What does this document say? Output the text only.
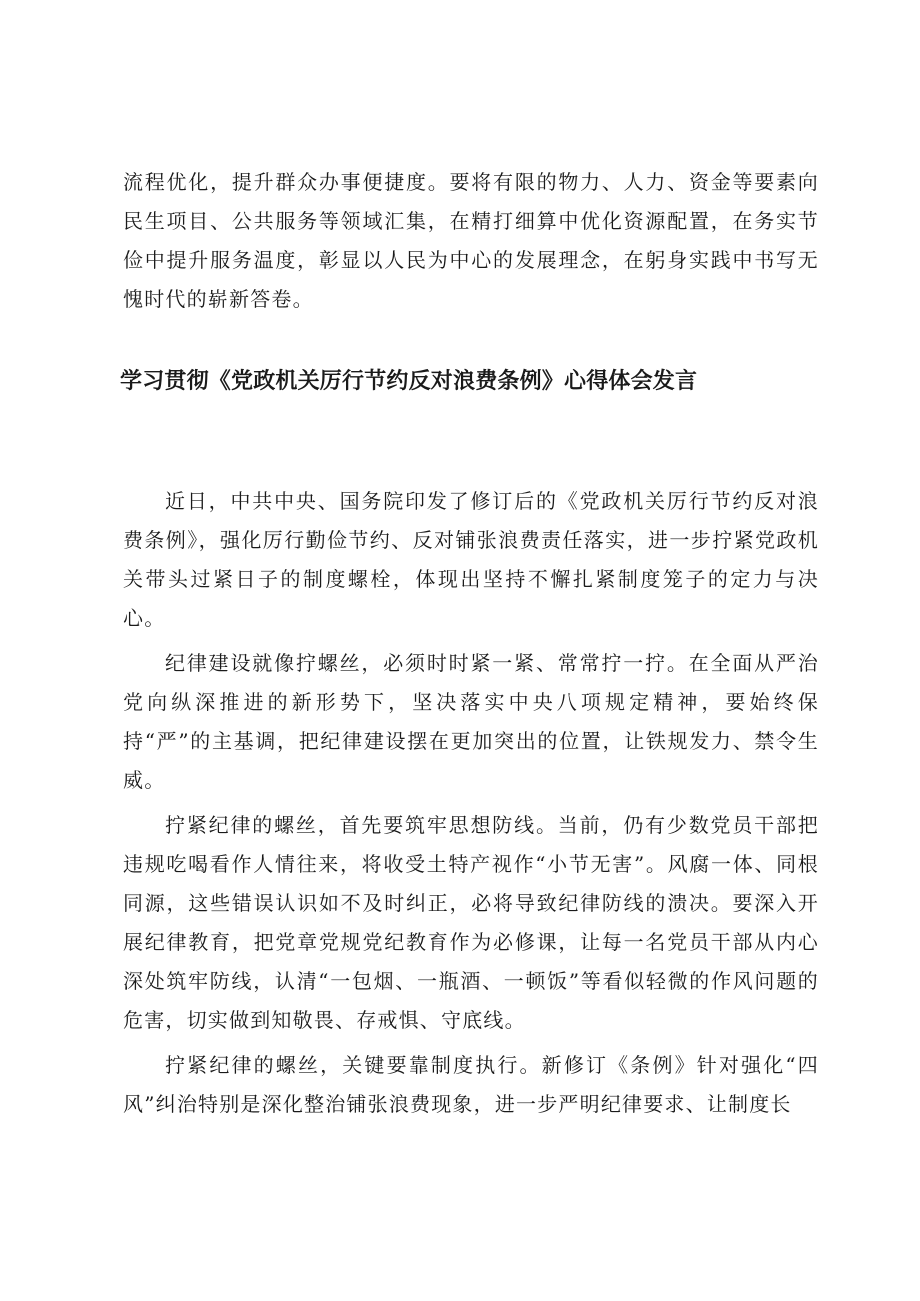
流程优化，提升群众办事便捷度。要将有限的物力、人力、资金等要素向民生项目、公共服务等领域汇集，在精打细算中优化资源配置，在务实节俭中提升服务温度，彰显以人民为中心的发展理念，在躬身实践中书写无愧时代的崭新答卷。

学习贯彻《党政机关厉行节约反对浪费条例》心得体会发言

近日，中共中央、国务院印发了修订后的《党政机关厉行节约反对浪费条例》，强化厉行勤俭节约、反对铺张浪费责任落实，进一步拧紧党政机关带头过紧日子的制度螺栓，体现出坚持不懈扎紧制度笼子的定力与决心。

纪律建设就像拧螺丝，必须时时紧一紧、常常拧一拧。在全面从严治党向纵深推进的新形势下，坚决落实中央八项规定精神，要始终保持“严”的主基调，把纪律建设摆在更加突出的位置，让铁规发力、禁令生威。

拧紧纪律的螺丝，首先要筑牢思想防线。当前，仍有少数党员干部把违规吃喝看作人情往来，将收受土特产视作“小节无害”。风腐一体、同根同源，这些错误认识如不及时纠正，必将导致纪律防线的溃决。要深入开展纪律教育，把党章党规党纪教育作为必修课，让每一名党员干部从内心深处筑牢防线，认清“一包烟、一瓶酒、一顿饭”等看似轻微的作风问题的危害，切实做到知敬畏、存戒惧、守底线。

拧紧纪律的螺丝，关键要靠制度执行。新修订《条例》针对强化“四风”纠治特别是深化整治铺张浪费现象，进一步严明纪律要求、让制度长
